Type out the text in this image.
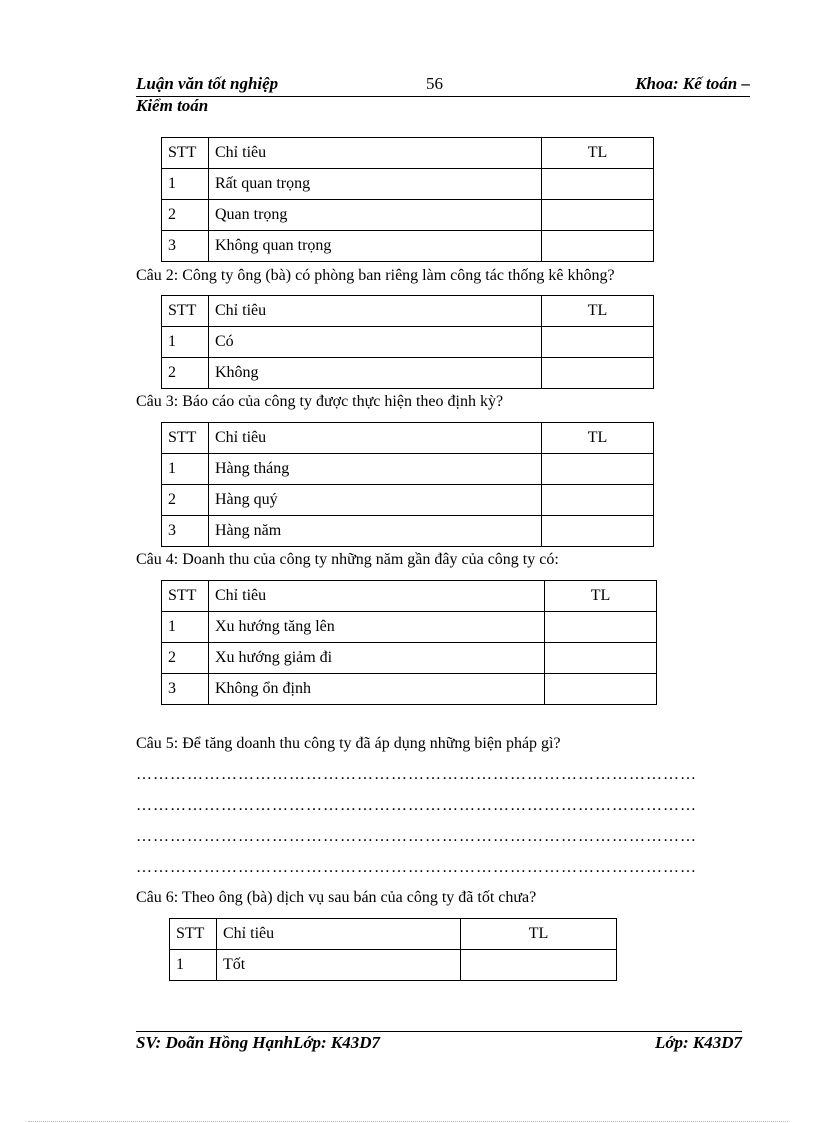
Luận văn tốt nghiệp	56	Khoa: Kế toán –
Kiểm toán
STT	Chỉ tiêu	TL
1	Rất quan trọng	
2	Quan trọng	
3	Không quan trọng	
Câu 2: Công ty ông (bà) có phòng ban riêng làm công tác thống kê không?
STT	Chỉ tiêu	TL
1	Có	
2	Không	
Câu 3: Báo cáo của công ty được thực hiện theo định kỳ?
STT	Chỉ tiêu	TL
1	Hàng tháng	
2	Hàng quý	
3	Hàng năm	
Câu 4: Doanh thu của công ty những năm gần đây của công ty có:
STT	Chỉ tiêu	TL
1	Xu hướng tăng lên	
2	Xu hướng giảm đi	
3	Không ổn định	
Câu 5: Để tăng doanh thu công ty đã áp dụng những biện pháp gì?
………………………………………………………………………………………
………………………………………………………………………………………
………………………………………………………………………………………
………………………………………………………………………………………
Câu 6: Theo ông (bà) dịch vụ sau bán của công ty đã tốt chưa?
STT	Chỉ tiêu	TL
1	Tốt	
SV: Doãn Hồng HạnhLớp: K43D7	Lớp: K43D7
